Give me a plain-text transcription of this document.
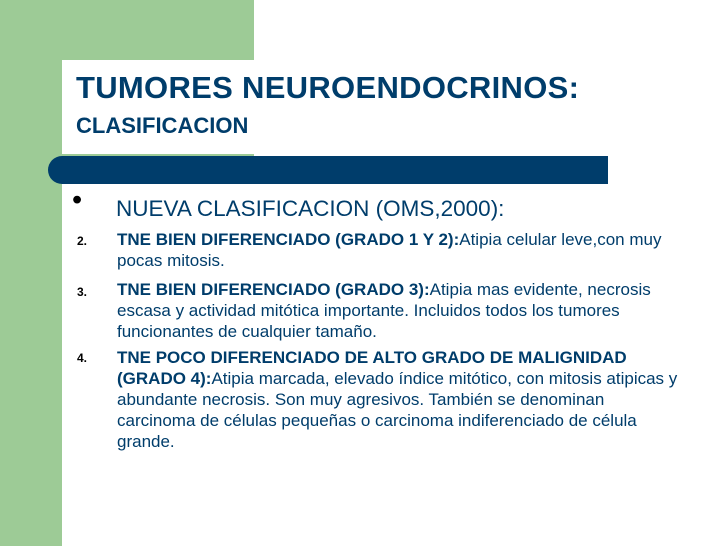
TUMORES NEUROENDOCRINOS:
CLASIFICACION
• NUEVA CLASIFICACION (OMS,2000):

2. TNE BIEN DIFERENCIADO (GRADO 1 Y 2):Atipia celular leve,con muy pocas mitosis.

3. TNE BIEN DIFERENCIADO (GRADO 3):Atipia mas evidente, necrosis escasa y actividad mitótica importante. Incluidos todos los tumores funcionantes de cualquier tamaño.

4. TNE POCO DIFERENCIADO DE ALTO GRADO DE MALIGNIDAD (GRADO 4):Atipia marcada, elevado índice mitótico, con mitosis atipicas y abundante necrosis. Son muy agresivos. También se denominan carcinoma de células pequeñas o carcinoma indiferenciado de célula grande.
